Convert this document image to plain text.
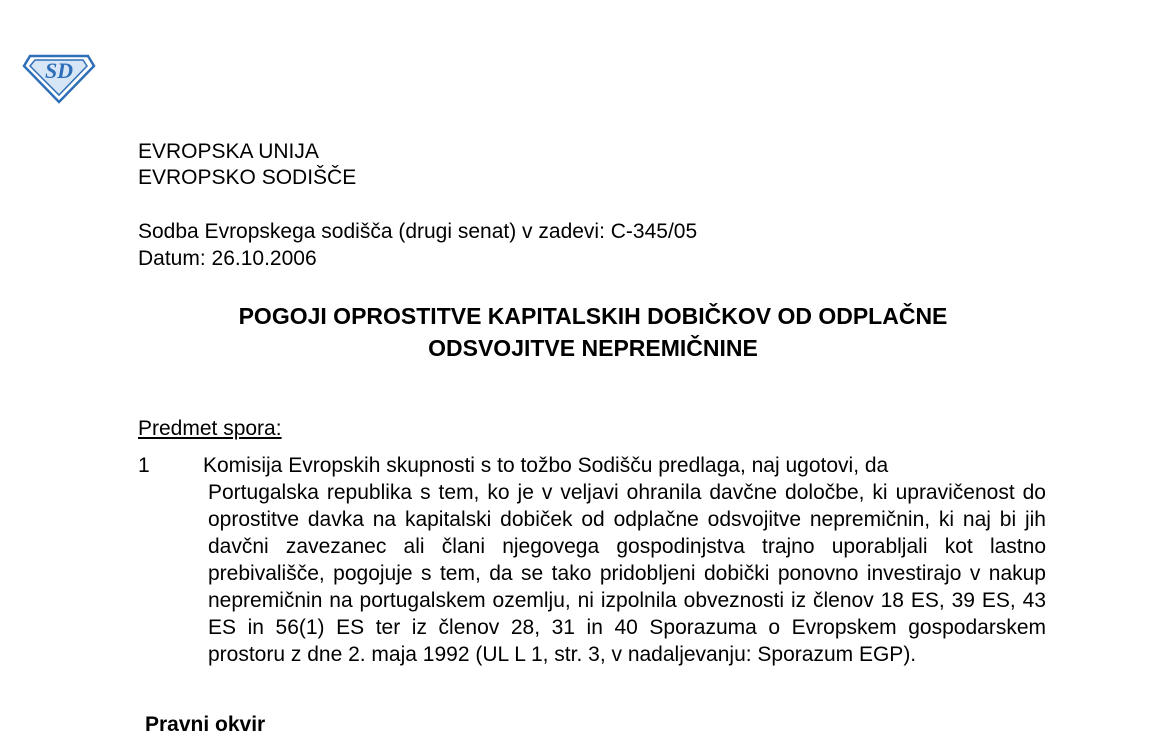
SD
EVROPSKA UNIJA
EVROPSKO SODIŠČE
Sodba Evropskega sodišča (drugi senat) v zadevi: C-345/05
Datum: 26.10.2006
POGOJI OPROSTITVE KAPITALSKIH DOBIČKOV OD ODPLAČNE
ODSVOJITVE NEPREMIČNINE
Predmet spora:
1	Komisija Evropskih skupnosti s to tožbo Sodišču predlaga, naj ugotovi, da
Portugalska republika s tem, ko je v veljavi ohranila davčne določbe, ki upravičenost do oprostitve davka na kapitalski dobiček od odplačne odsvojitve nepremičnin, ki naj bi jih davčni zavezanec ali člani njegovega gospodinjstva trajno uporabljali kot lastno prebivališče, pogojuje s tem, da se tako pridobljeni dobički ponovno investirajo v nakup nepremičnin na portugalskem ozemlju, ni izpolnila obveznosti iz členov 18 ES, 39 ES, 43 ES in 56(1) ES ter iz členov 28, 31 in 40 Sporazuma o Evropskem gospodarskem prostoru z dne 2. maja 1992 (UL L 1, str. 3, v nadaljevanju: Sporazum EGP).
Pravni okvir
